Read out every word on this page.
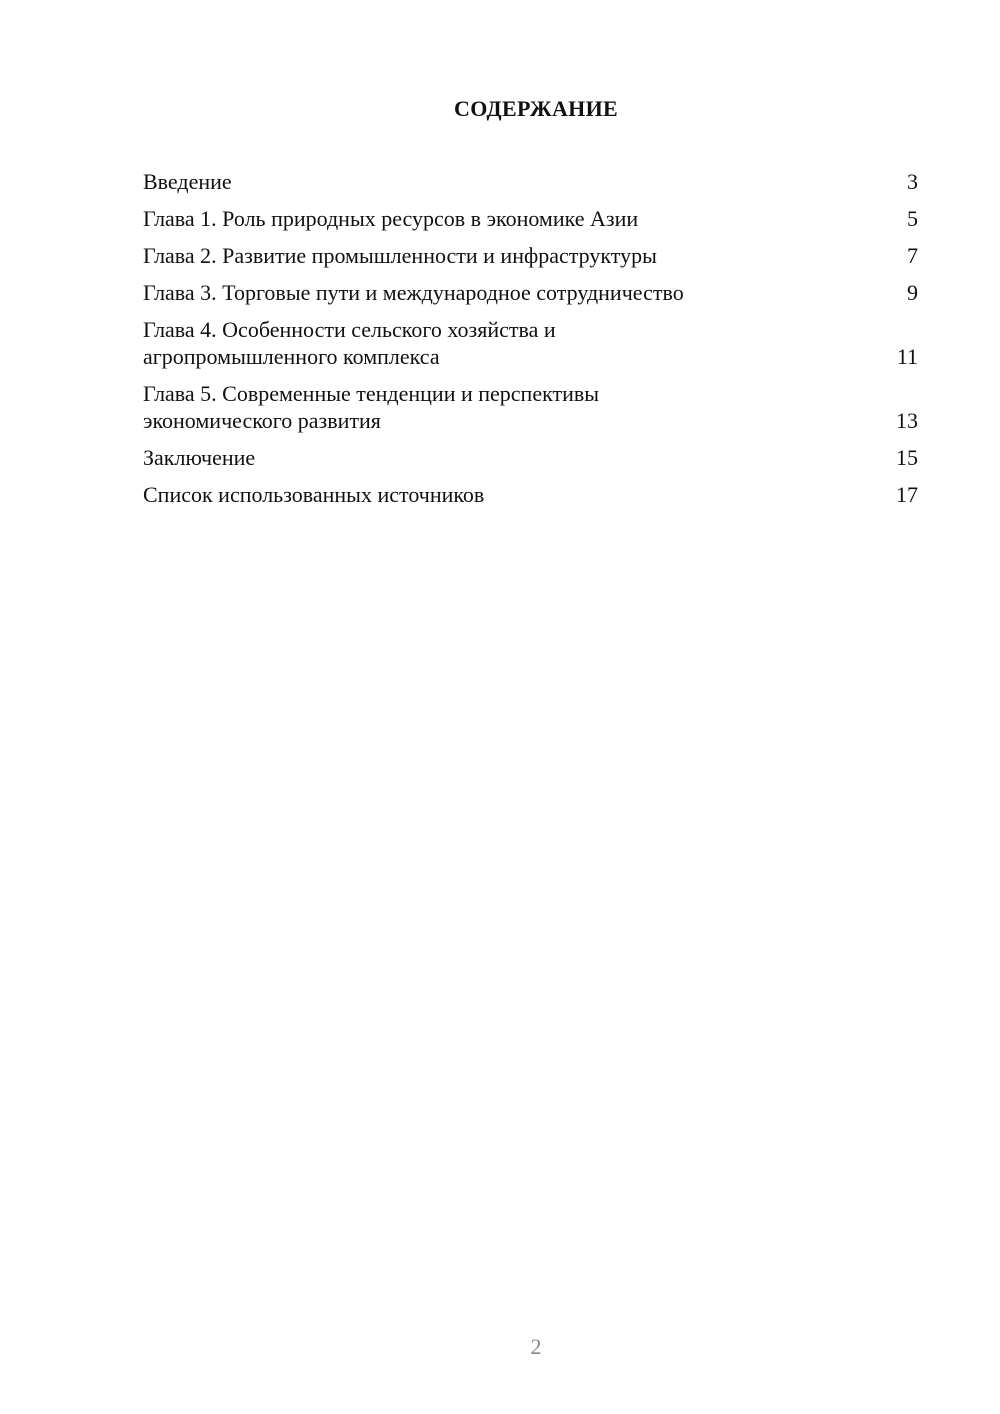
СОДЕРЖАНИЕ
Введение	3
Глава 1. Роль природных ресурсов в экономике Азии	5
Глава 2. Развитие промышленности и инфраструктуры	7
Глава 3. Торговые пути и международное сотрудничество	9
Глава 4. Особенности сельского хозяйства и
агропромышленного комплекса	11
Глава 5. Современные тенденции и перспективы
экономического развития	13
Заключение	15
Список использованных источников	17
2
